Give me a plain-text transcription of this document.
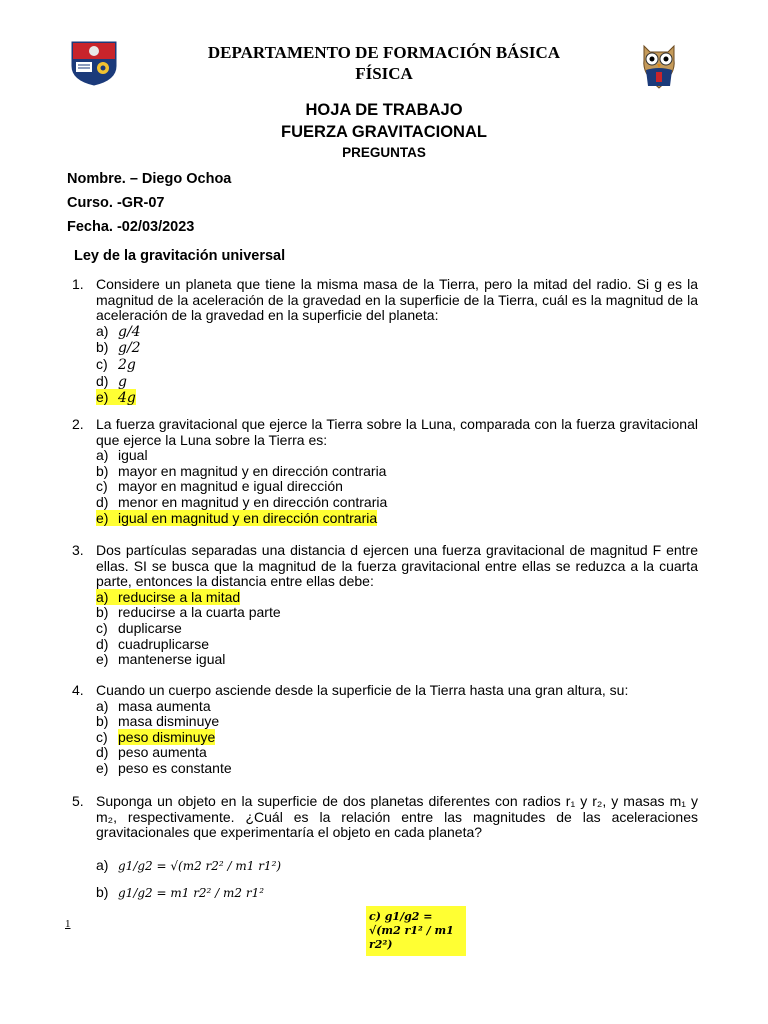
DEPARTAMENTO DE FORMACIÓN BÁSICA
FÍSICA
HOJA DE TRABAJO
FUERZA GRAVITACIONAL
PREGUNTAS
Nombre. – Diego Ochoa
Curso. -GR-07
Fecha. -02/03/2023
Ley de la gravitación universal
1. Considere un planeta que tiene la misma masa de la Tierra, pero la mitad del radio. Si g es la magnitud de la aceleración de la gravedad en la superficie de la Tierra, cuál es la magnitud de la aceleración de la gravedad en la superficie del planeta:
a) g/4
b) g/2
c) 2g
d) g
e) 4g
2. La fuerza gravitacional que ejerce la Tierra sobre la Luna, comparada con la fuerza gravitacional que ejerce la Luna sobre la Tierra es:
a) igual
b) mayor en magnitud y en dirección contraria
c) mayor en magnitud e igual dirección
d) menor en magnitud y en dirección contraria
e) igual en magnitud y en dirección contraria
3. Dos partículas separadas una distancia d ejercen una fuerza gravitacional de magnitud F entre ellas. SI se busca que la magnitud de la fuerza gravitacional entre ellas se reduzca a la cuarta parte, entonces la distancia entre ellas debe:
a) reducirse a la mitad
b) reducirse a la cuarta parte
c) duplicarse
d) cuadruplicarse
e) mantenerse igual
4. Cuando un cuerpo asciende desde la superficie de la Tierra hasta una gran altura, su:
a) masa aumenta
b) masa disminuye
c) peso disminuye
d) peso aumenta
e) peso es constante
5. Suponga un objeto en la superficie de dos planetas diferentes con radios r₁ y r₂, y masas m₁ y m₂, respectivamente. ¿Cuál es la relación entre las magnitudes de las aceleraciones gravitacionales que experimentaría el objeto en cada planeta?
a) g1/g2 = √(m2 r2² / m1 r1²)
b) g1/g2 = m1 r2² / m2 r1²
c) g1/g2 = √(m2 r1² / m1 r2²)
1
